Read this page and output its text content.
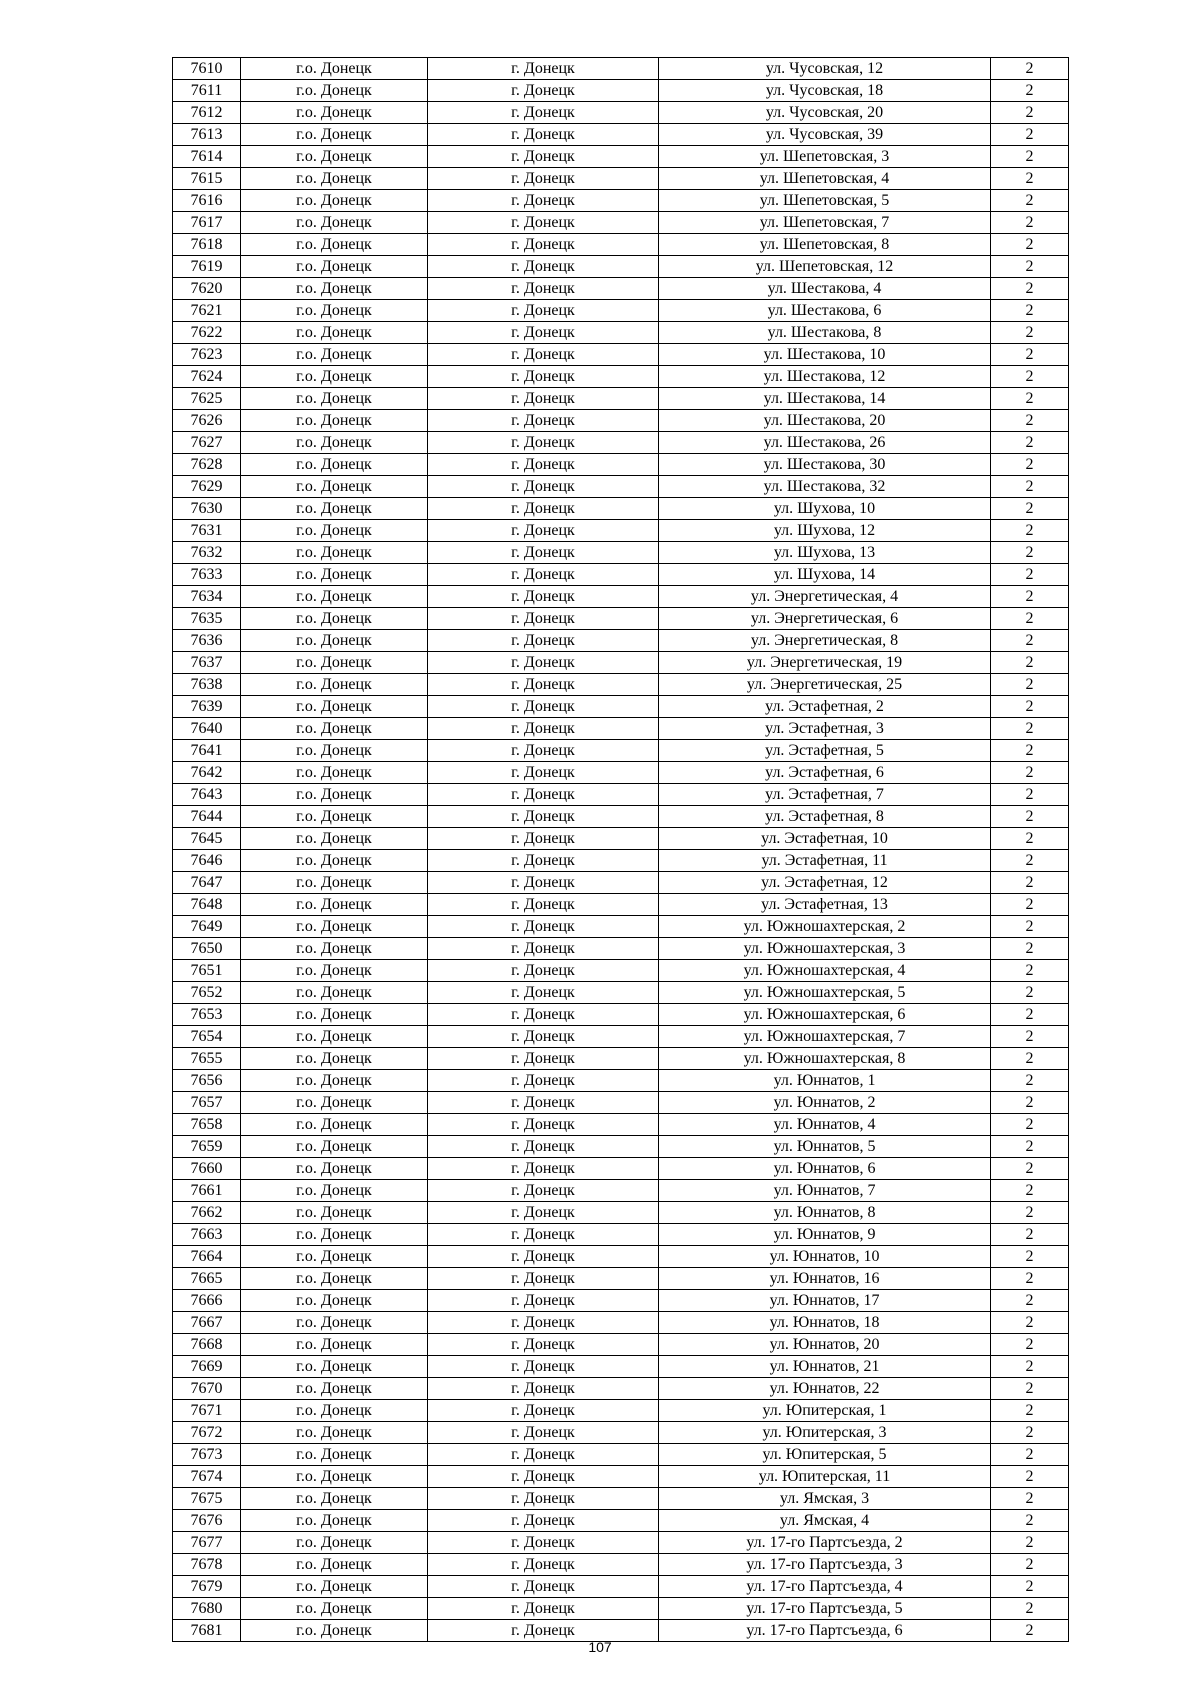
7610	г.о. Донецк	г. Донецк	ул. Чусовская, 12	2
7611	г.о. Донецк	г. Донецк	ул. Чусовская, 18	2
7612	г.о. Донецк	г. Донецк	ул. Чусовская, 20	2
7613	г.о. Донецк	г. Донецк	ул. Чусовская, 39	2
7614	г.о. Донецк	г. Донецк	ул. Шепетовская, 3	2
7615	г.о. Донецк	г. Донецк	ул. Шепетовская, 4	2
7616	г.о. Донецк	г. Донецк	ул. Шепетовская, 5	2
7617	г.о. Донецк	г. Донецк	ул. Шепетовская, 7	2
7618	г.о. Донецк	г. Донецк	ул. Шепетовская, 8	2
7619	г.о. Донецк	г. Донецк	ул. Шепетовская, 12	2
7620	г.о. Донецк	г. Донецк	ул. Шестакова, 4	2
7621	г.о. Донецк	г. Донецк	ул. Шестакова, 6	2
7622	г.о. Донецк	г. Донецк	ул. Шестакова, 8	2
7623	г.о. Донецк	г. Донецк	ул. Шестакова, 10	2
7624	г.о. Донецк	г. Донецк	ул. Шестакова, 12	2
7625	г.о. Донецк	г. Донецк	ул. Шестакова, 14	2
7626	г.о. Донецк	г. Донецк	ул. Шестакова, 20	2
7627	г.о. Донецк	г. Донецк	ул. Шестакова, 26	2
7628	г.о. Донецк	г. Донецк	ул. Шестакова, 30	2
7629	г.о. Донецк	г. Донецк	ул. Шестакова, 32	2
7630	г.о. Донецк	г. Донецк	ул. Шухова, 10	2
7631	г.о. Донецк	г. Донецк	ул. Шухова, 12	2
7632	г.о. Донецк	г. Донецк	ул. Шухова, 13	2
7633	г.о. Донецк	г. Донецк	ул. Шухова, 14	2
7634	г.о. Донецк	г. Донецк	ул. Энергетическая, 4	2
7635	г.о. Донецк	г. Донецк	ул. Энергетическая, 6	2
7636	г.о. Донецк	г. Донецк	ул. Энергетическая, 8	2
7637	г.о. Донецк	г. Донецк	ул. Энергетическая, 19	2
7638	г.о. Донецк	г. Донецк	ул. Энергетическая, 25	2
7639	г.о. Донецк	г. Донецк	ул. Эстафетная, 2	2
7640	г.о. Донецк	г. Донецк	ул. Эстафетная, 3	2
7641	г.о. Донецк	г. Донецк	ул. Эстафетная, 5	2
7642	г.о. Донецк	г. Донецк	ул. Эстафетная, 6	2
7643	г.о. Донецк	г. Донецк	ул. Эстафетная, 7	2
7644	г.о. Донецк	г. Донецк	ул. Эстафетная, 8	2
7645	г.о. Донецк	г. Донецк	ул. Эстафетная, 10	2
7646	г.о. Донецк	г. Донецк	ул. Эстафетная, 11	2
7647	г.о. Донецк	г. Донецк	ул. Эстафетная, 12	2
7648	г.о. Донецк	г. Донецк	ул. Эстафетная, 13	2
7649	г.о. Донецк	г. Донецк	ул. Южношахтерская, 2	2
7650	г.о. Донецк	г. Донецк	ул. Южношахтерская, 3	2
7651	г.о. Донецк	г. Донецк	ул. Южношахтерская, 4	2
7652	г.о. Донецк	г. Донецк	ул. Южношахтерская, 5	2
7653	г.о. Донецк	г. Донецк	ул. Южношахтерская, 6	2
7654	г.о. Донецк	г. Донецк	ул. Южношахтерская, 7	2
7655	г.о. Донецк	г. Донецк	ул. Южношахтерская, 8	2
7656	г.о. Донецк	г. Донецк	ул. Юннатов, 1	2
7657	г.о. Донецк	г. Донецк	ул. Юннатов, 2	2
7658	г.о. Донецк	г. Донецк	ул. Юннатов, 4	2
7659	г.о. Донецк	г. Донецк	ул. Юннатов, 5	2
7660	г.о. Донецк	г. Донецк	ул. Юннатов, 6	2
7661	г.о. Донецк	г. Донецк	ул. Юннатов, 7	2
7662	г.о. Донецк	г. Донецк	ул. Юннатов, 8	2
7663	г.о. Донецк	г. Донецк	ул. Юннатов, 9	2
7664	г.о. Донецк	г. Донецк	ул. Юннатов, 10	2
7665	г.о. Донецк	г. Донецк	ул. Юннатов, 16	2
7666	г.о. Донецк	г. Донецк	ул. Юннатов, 17	2
7667	г.о. Донецк	г. Донецк	ул. Юннатов, 18	2
7668	г.о. Донецк	г. Донецк	ул. Юннатов, 20	2
7669	г.о. Донецк	г. Донецк	ул. Юннатов, 21	2
7670	г.о. Донецк	г. Донецк	ул. Юннатов, 22	2
7671	г.о. Донецк	г. Донецк	ул. Юпитерская, 1	2
7672	г.о. Донецк	г. Донецк	ул. Юпитерская, 3	2
7673	г.о. Донецк	г. Донецк	ул. Юпитерская, 5	2
7674	г.о. Донецк	г. Донецк	ул. Юпитерская, 11	2
7675	г.о. Донецк	г. Донецк	ул. Ямская, 3	2
7676	г.о. Донецк	г. Донецк	ул. Ямская, 4	2
7677	г.о. Донецк	г. Донецк	ул. 17-го Партсъезда, 2	2
7678	г.о. Донецк	г. Донецк	ул. 17-го Партсъезда, 3	2
7679	г.о. Донецк	г. Донецк	ул. 17-го Партсъезда, 4	2
7680	г.о. Донецк	г. Донецк	ул. 17-го Партсъезда, 5	2
7681	г.о. Донецк	г. Донецк	ул. 17-го Партсъезда, 6	2
107
